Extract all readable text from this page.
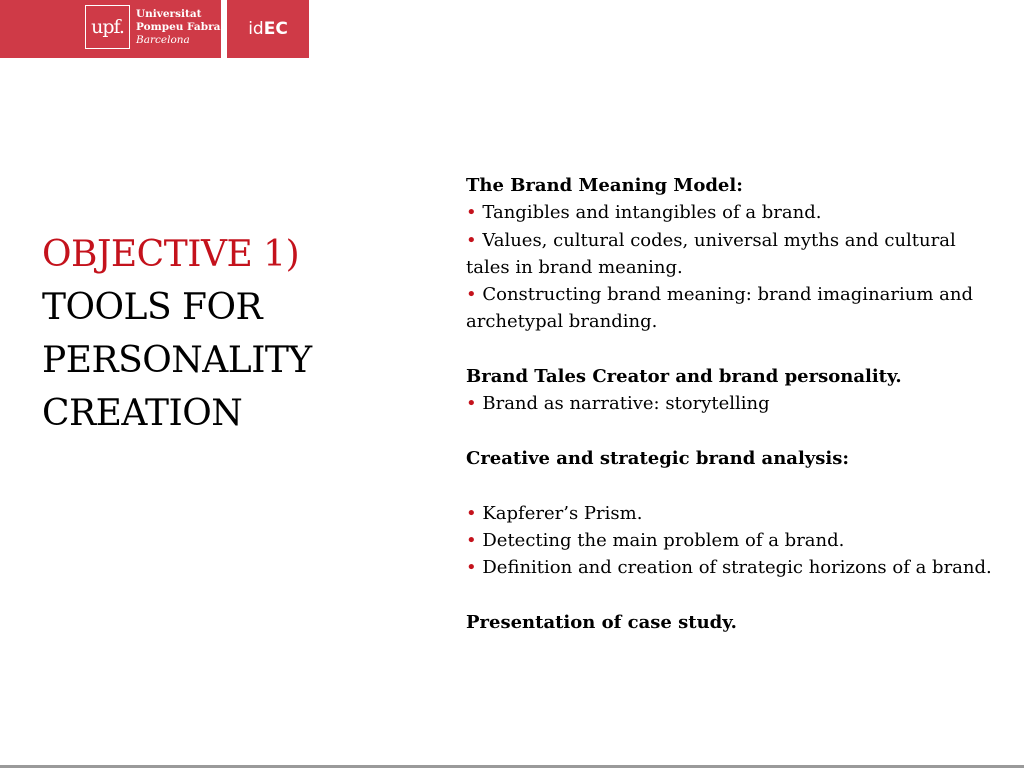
upf.
Universitat
Pompeu Fabra
Barcelona
id EC
OBJECTIVE 1)
TOOLS FOR
PERSONALITY
CREATION
The Brand Meaning Model:
• Tangibles and intangibles of a brand.
• Values, cultural codes, universal myths and cultural tales in brand meaning.
• Constructing brand meaning: brand imaginarium and archetypal branding.
Brand Tales Creator and brand personality.
• Brand as narrative: storytelling
Creative and strategic brand analysis:
• Kapferer’s Prism.
• Detecting the main problem of a brand.
• Definition and creation of strategic horizons of a brand.
Presentation of case study.
